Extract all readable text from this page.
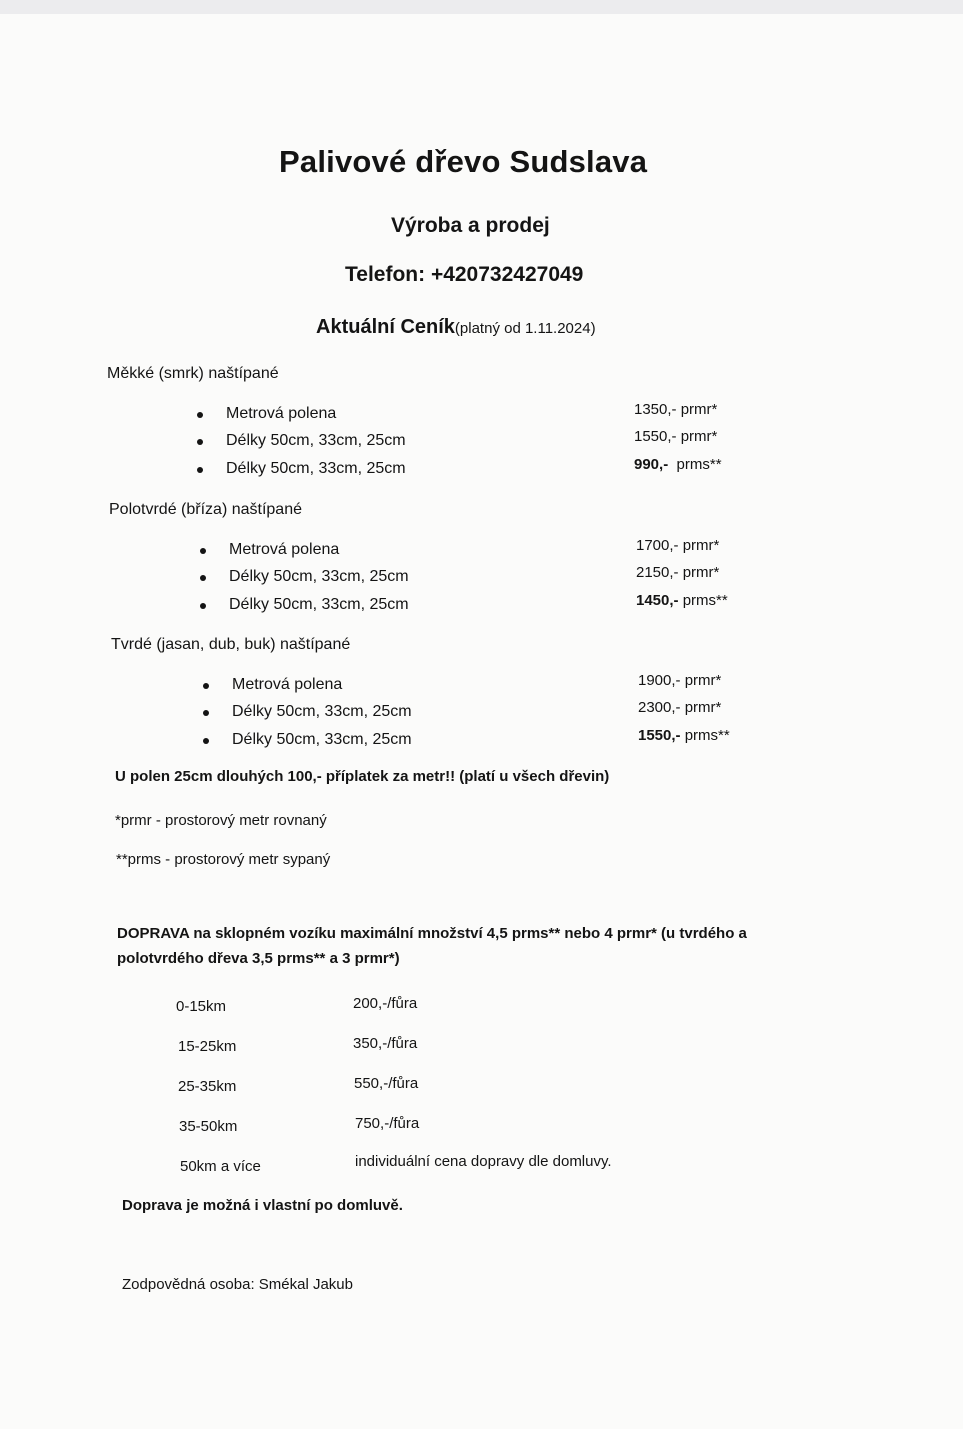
Palivové dřevo Sudslava
Výroba a prodej
Telefon: +420732427049
Aktuální Ceník(platný od 1.11.2024)
Měkké (smrk) naštípané
Metrová polena	1350,- prmr*
Délky 50cm, 33cm, 25cm	1550,- prmr*
Délky 50cm, 33cm, 25cm	990,-  prms**
Polotvrdé (bříza) naštípané
Metrová polena	1700,- prmr*
Délky 50cm, 33cm, 25cm	2150,- prmr*
Délky 50cm, 33cm, 25cm	1450,- prms**
Tvrdé (jasan, dub, buk) naštípané
Metrová polena	1900,- prmr*
Délky 50cm, 33cm, 25cm	2300,- prmr*
Délky 50cm, 33cm, 25cm	1550,- prms**
U polen 25cm dlouhých 100,- příplatek za metr!! (platí u všech dřevin)
*prmr - prostorový metr rovnaný
**prms - prostorový metr sypaný
DOPRAVA na sklopném vozíku maximální množství 4,5 prms** nebo 4 prmr* (u tvrdého a
polotvrdého dřeva 3,5 prms** a 3 prmr*)
0-15km	200,-/fůra
15-25km	350,-/fůra
25-35km	550,-/fůra
35-50km	750,-/fůra
50km a více	individuální cena dopravy dle domluvy.
Doprava je možná i vlastní po domluvě.
Zodpovědná osoba: Smékal Jakub
